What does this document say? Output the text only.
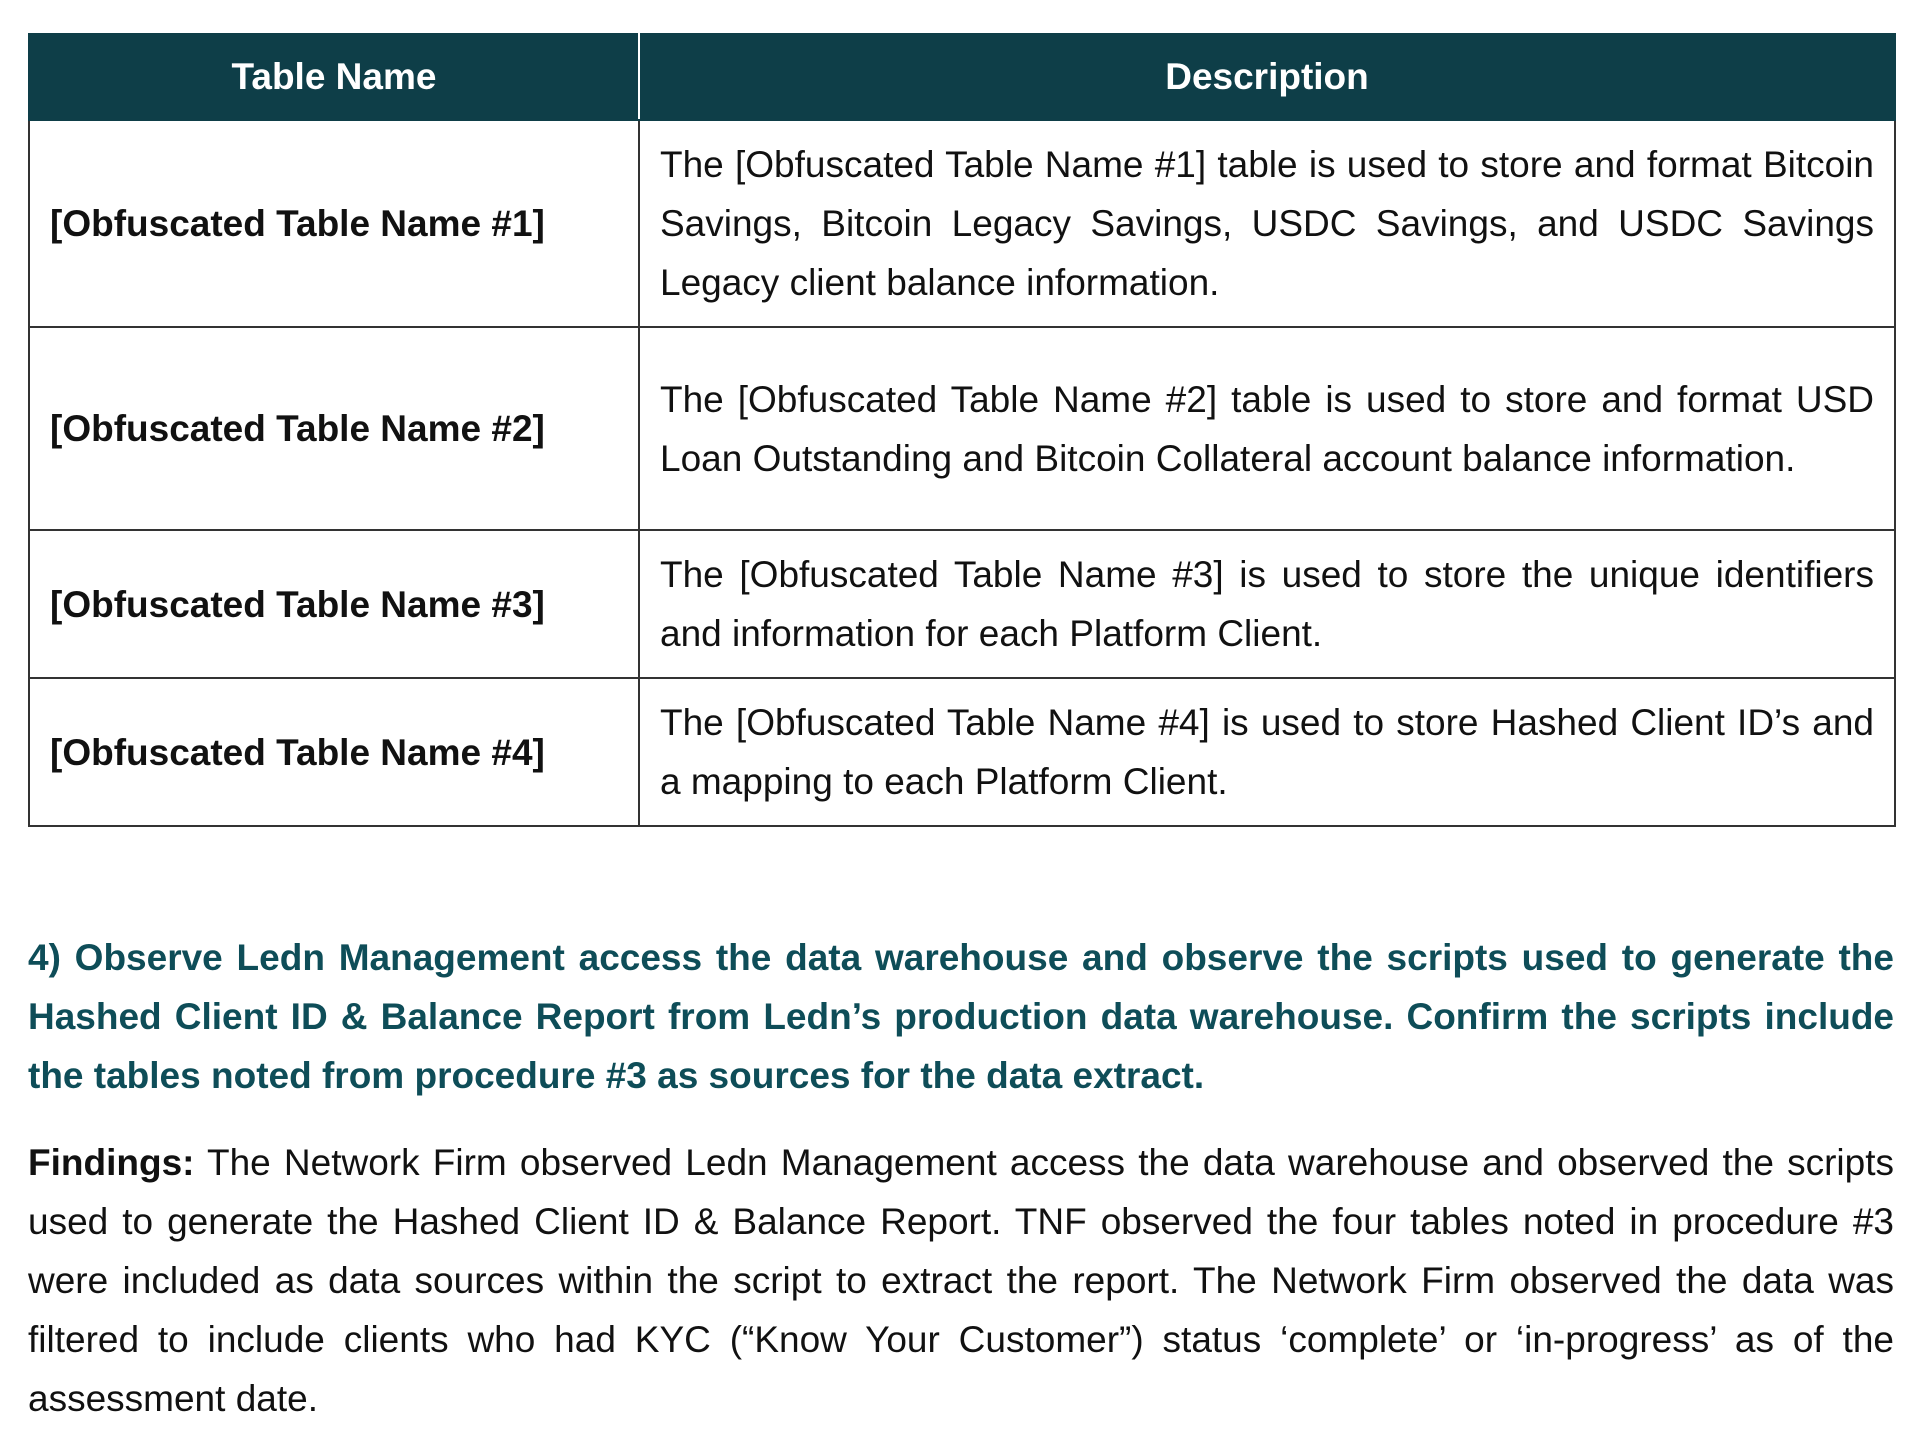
Table Name	Description
[Obfuscated Table Name #1]	The [Obfuscated Table Name #1] table is used to store and format Bitcoin Savings, Bitcoin Legacy Savings, USDC Savings, and USDC Savings Legacy client balance information.
[Obfuscated Table Name #2]	The [Obfuscated Table Name #2] table is used to store and format USD Loan Outstanding and Bitcoin Collateral account balance information.
[Obfuscated Table Name #3]	The [Obfuscated Table Name #3] is used to store the unique identifiers and information for each Platform Client.
[Obfuscated Table Name #4]	The [Obfuscated Table Name #4] is used to store Hashed Client ID’s and a mapping to each Platform Client.

4) Observe Ledn Management access the data warehouse and observe the scripts used to generate the Hashed Client ID & Balance Report from Ledn’s production data warehouse. Confirm the scripts include the tables noted from procedure #3 as sources for the data extract.

Findings: The Network Firm observed Ledn Management access the data warehouse and observed the scripts used to generate the Hashed Client ID & Balance Report. TNF observed the four tables noted in procedure #3 were included as data sources within the script to extract the report. The Network Firm observed the data was filtered to include clients who had KYC (“Know Your Customer”) status ‘complete’ or ‘in-progress’ as of the assessment date.
